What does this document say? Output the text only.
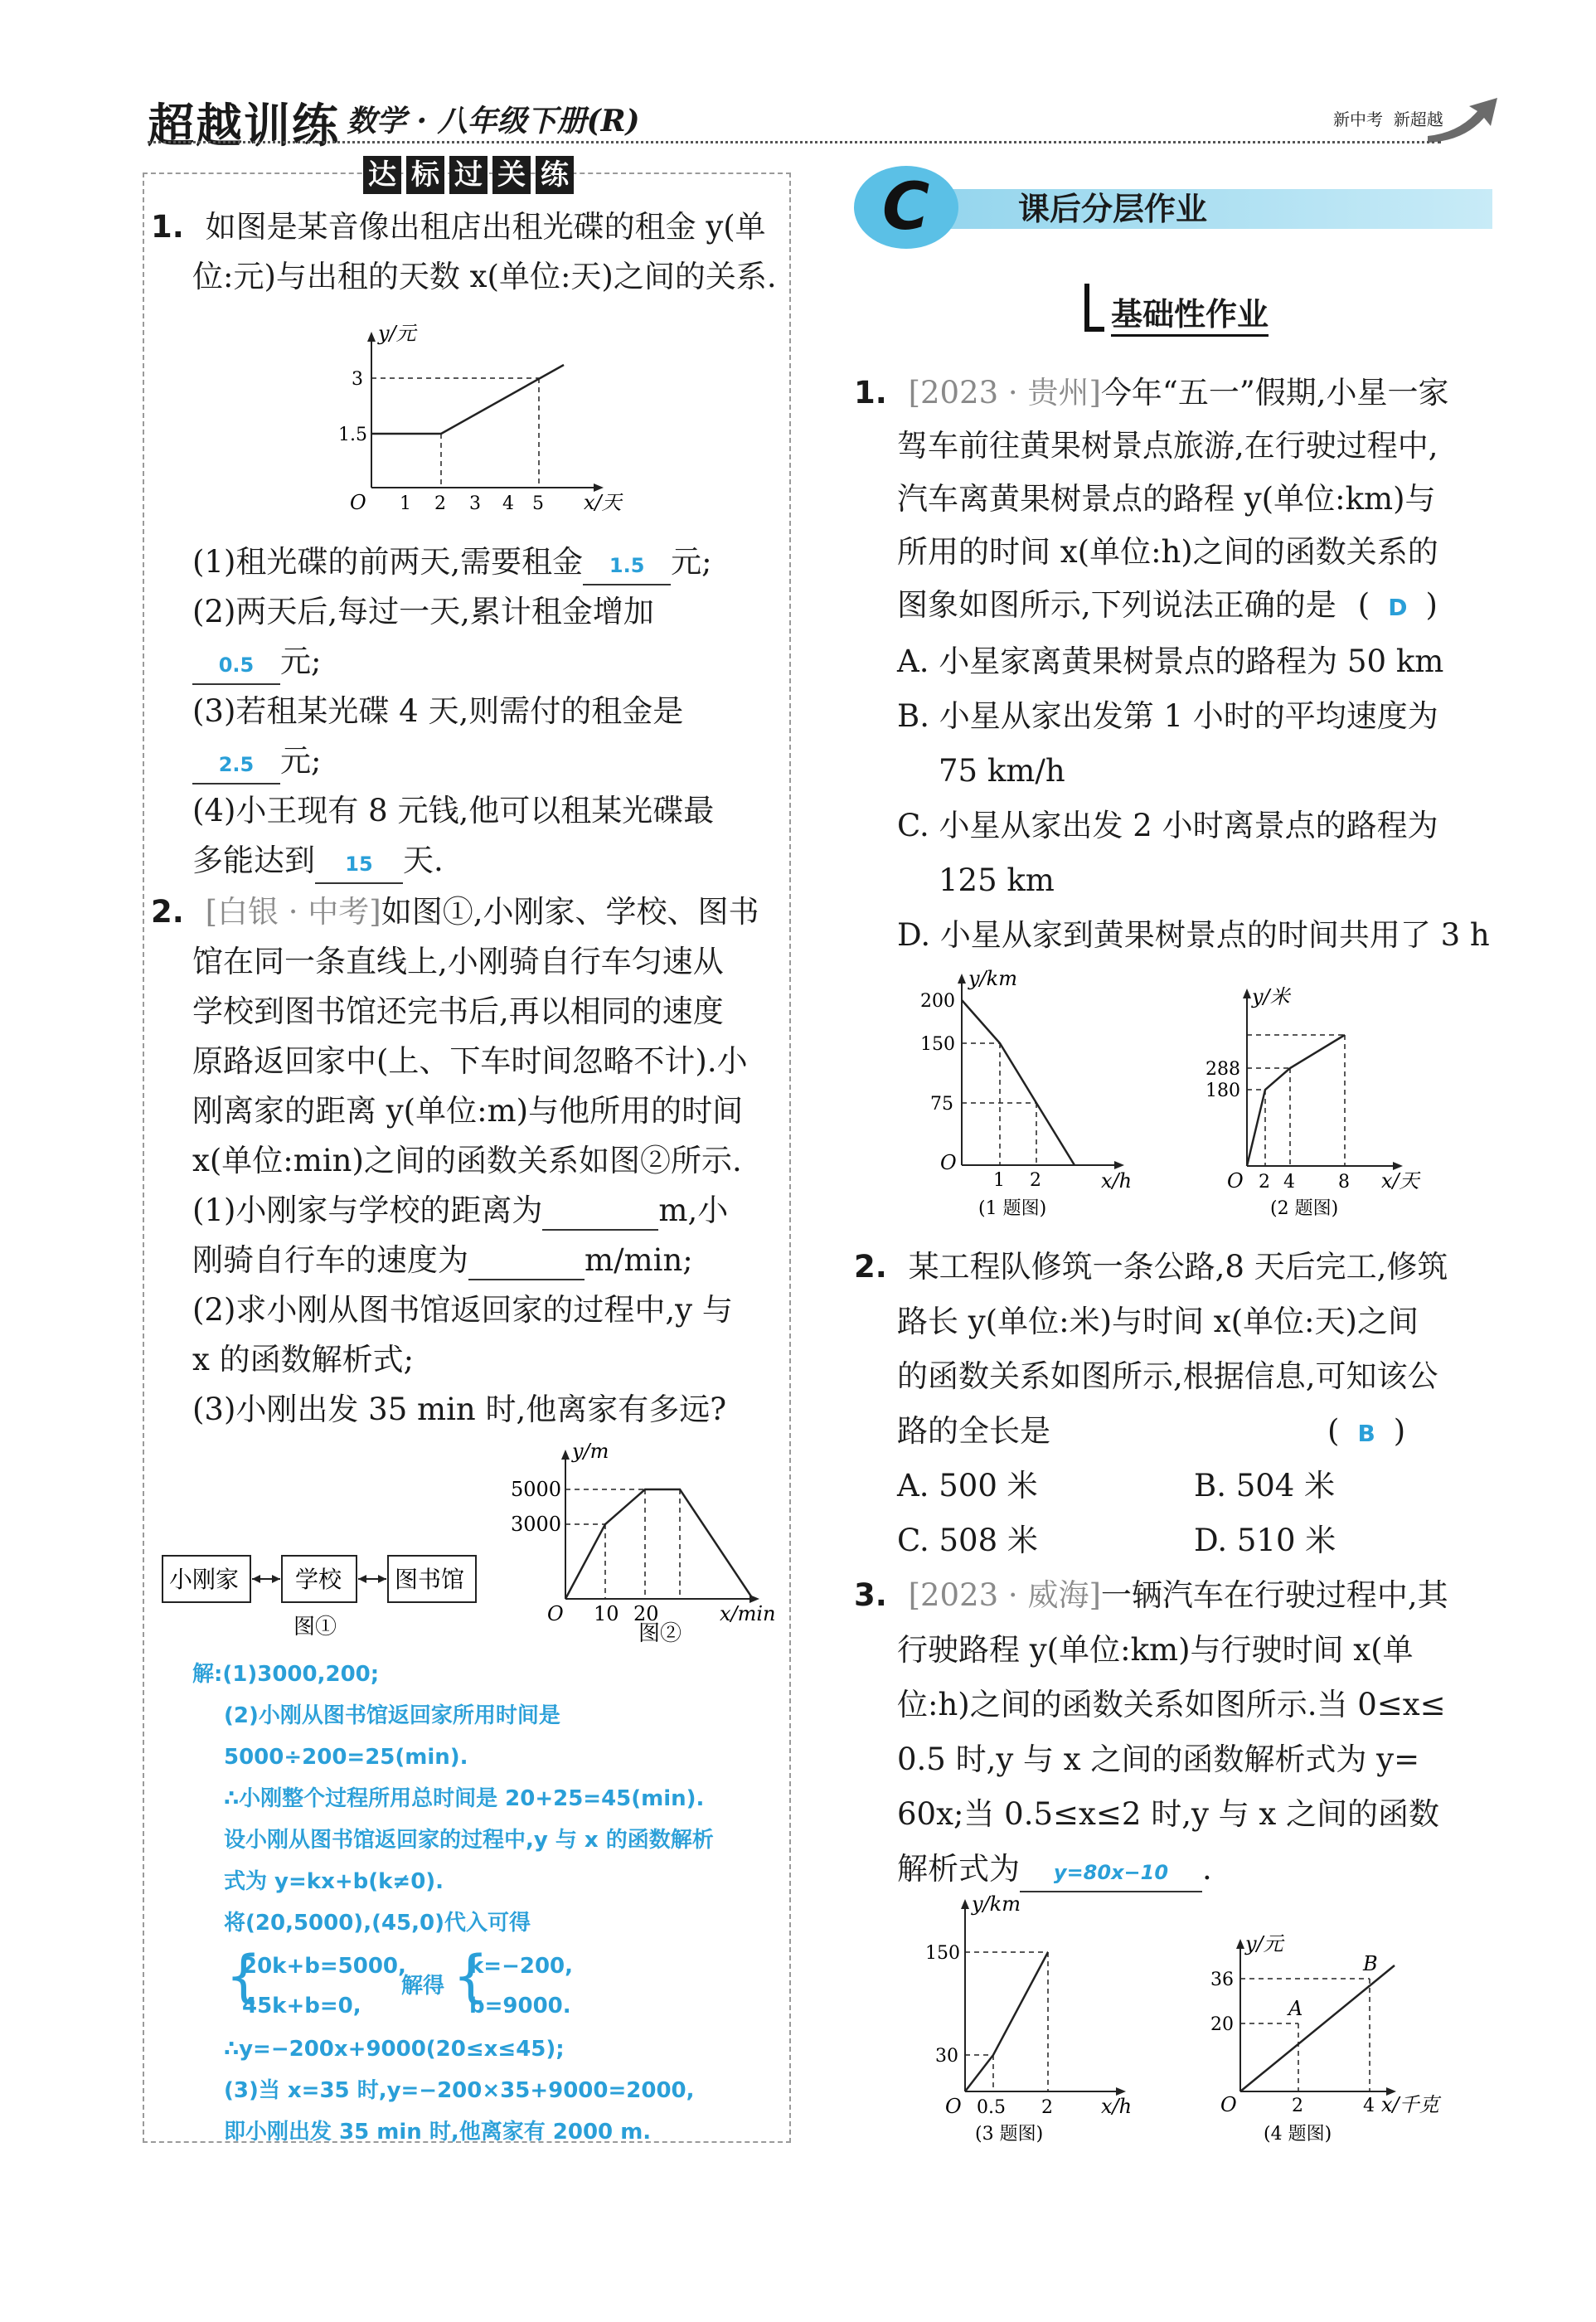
超越训练 数学 · 八年级下册(R)	新中考  新超越
达 标 过 关 练
1. 如图是某音像出租店出租光碟的租金 y(单
位:元)与出租的天数 x(单位:天)之间的关系.
y/元
x/天
O 1 2 3 4 5
1.5
3
(1)租光碟的前两天,需要租金 1.5 元;
(2)两天后,每过一天,累计租金增加
0.5 元;
(3)若租某光碟 4 天,则需付的租金是
2.5 元;
(4)小王现有 8 元钱,他可以租某光碟最
多能达到 15 天.
2. [白银 · 中考]如图①,小刚家、学校、图书
馆在同一条直线上,小刚骑自行车匀速从
学校到图书馆还完书后,再以相同的速度
原路返回家中(上、下车时间忽略不计).小
刚离家的距离 y(单位:m)与他所用的时间
x(单位:min)之间的函数关系如图②所示.
(1)小刚家与学校的距离为	m,小
刚骑自行车的速度为	m/min;
(2)求小刚从图书馆返回家的过程中,y 与
x 的函数解析式;
(3)小刚出发 35 min 时,他离家有多远?
小刚家 学校 图书馆
图①
y/m
x/min
O 10 20
3000
5000
图②
解:(1)3000,200;
(2)小刚从图书馆返回家所用时间是
5000÷200=25(min).
∴小刚整个过程所用总时间是 20+25=45(min).
设小刚从图书馆返回家的过程中,y 与 x 的函数解析
式为 y=kx+b(k≠0).
将(20,5000),(45,0)代入可得
{
20k+b=5000,
45k+b=0,
解得 {
k=−200,
b=9000.
∴y=−200x+9000(20≤x≤45);
(3)当 x=35 时,y=−200×35+9000=2000,
即小刚出发 35 min 时,他离家有 2000 m.
C	课后分层作业
基础性作业
1. [2023 · 贵州]今年“五一”假期,小星一家
驾车前往黄果树景点旅游,在行驶过程中,
汽车离黄果树景点的路程 y(单位:km)与
所用的时间 x(单位:h)之间的函数关系的
图象如图所示,下列说法正确的是 ( D )
A. 小星家离黄果树景点的路程为 50 km
B. 小星从家出发第 1 小时的平均速度为
75 km/h
C. 小星从家出发 2 小时离景点的路程为
125 km
D. 小星从家到黄果树景点的时间共用了 3 h
y/km
x/h
O
1 2
75
150
200
(1 题图)
y/米
x/天
O 2 4 8
180
288
(2 题图)
2. 某工程队修筑一条公路,8 天后完工,修筑
路长 y(单位:米)与时间 x(单位:天)之间
的函数关系如图所示,根据信息,可知该公
路的全长是	( B )
A. 500 米	B. 504 米
C. 508 米	D. 510 米
3. [2023 · 威海]一辆汽车在行驶过程中,其
行驶路程 y(单位:km)与行驶时间 x(单
位:h)之间的函数关系如图所示.当 0≤x≤
0.5 时,y 与 x 之间的函数解析式为 y=
60x;当 0.5≤x≤2 时,y 与 x 之间的函数
解析式为 y=80x−10 .
y/km
x/h
O 0.5 2
30
150
(3 题图)
y/元
x/千克
O	2	4
20
36
A
B
(4 题图)
